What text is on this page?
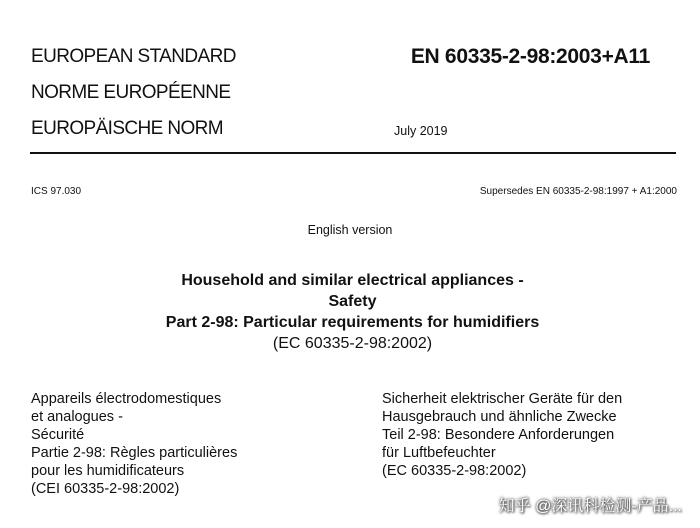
EUROPEAN STANDARD
NORME EUROPÉENNE
EUROPÄISCHE NORM
EN 60335-2-98:2003+A11
July 2019
ICS 97.030	Supersedes EN 60335-2-98:1997 + A1:2000
English version
Household and similar electrical appliances -
Safety
Part 2-98: Particular requirements for humidifiers
(EC 60335-2-98:2002)
Appareils électrodomestiques
et analogues -
Sécurité
Partie 2-98: Règles particulières
pour les humidificateurs
(CEI 60335-2-98:2002)
Sicherheit elektrischer Geräte für den
Hausgebrauch und ähnliche Zwecke
Teil 2-98: Besondere Anforderungen
für Luftbefeuchter
(EC 60335-2-98:2002)
知乎 @深讯科检测-产品...
